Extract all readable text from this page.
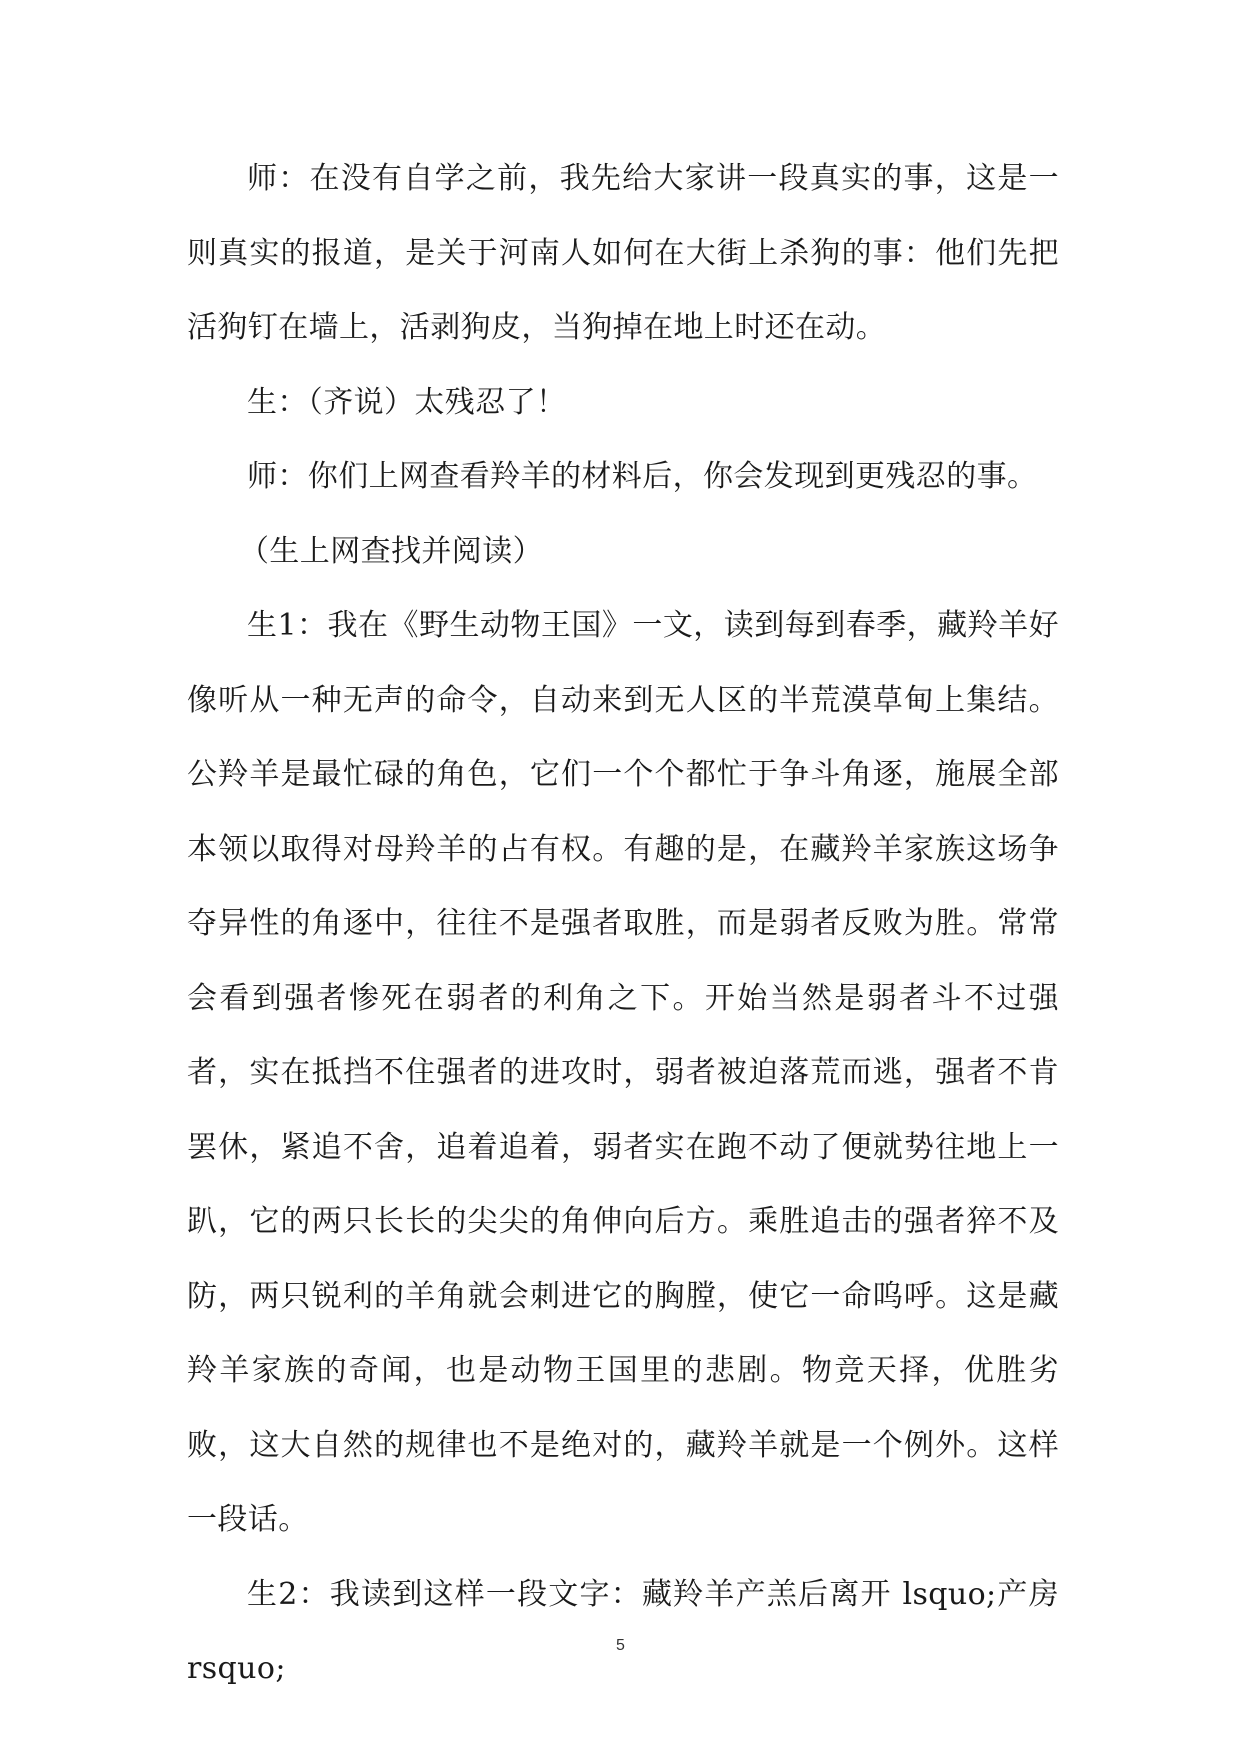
师：在没有自学之前，我先给大家讲一段真实的事，这是一则真实的报道，是关于河南人如何在大街上杀狗的事：他们先把活狗钉在墙上，活剥狗皮，当狗掉在地上时还在动。

生：（齐说）太残忍了！

师：你们上网查看羚羊的材料后，你会发现到更残忍的事。

（生上网查找并阅读）

生1：我在《野生动物王国》一文，读到每到春季，藏羚羊好像听从一种无声的命令，自动来到无人区的半荒漠草甸上集结。公羚羊是最忙碌的角色，它们一个个都忙于争斗角逐，施展全部本领以取得对母羚羊的占有权。有趣的是，在藏羚羊家族这场争夺异性的角逐中，往往不是强者取胜，而是弱者反败为胜。常常会看到强者惨死在弱者的利角之下。开始当然是弱者斗不过强者，实在抵挡不住强者的进攻时，弱者被迫落荒而逃，强者不肯罢休，紧追不舍，追着追着，弱者实在跑不动了便就势往地上一趴，它的两只长长的尖尖的角伸向后方。乘胜追击的强者猝不及防，两只锐利的羊角就会刺进它的胸膛，使它一命呜呼。这是藏羚羊家族的奇闻，也是动物王国里的悲剧。物竞天择，优胜劣败，这大自然的规律也不是绝对的，藏羚羊就是一个例外。这样一段话。

生2：我读到这样一段文字：藏羚羊产羔后离开 lsquo;产房 rsquo;

5
